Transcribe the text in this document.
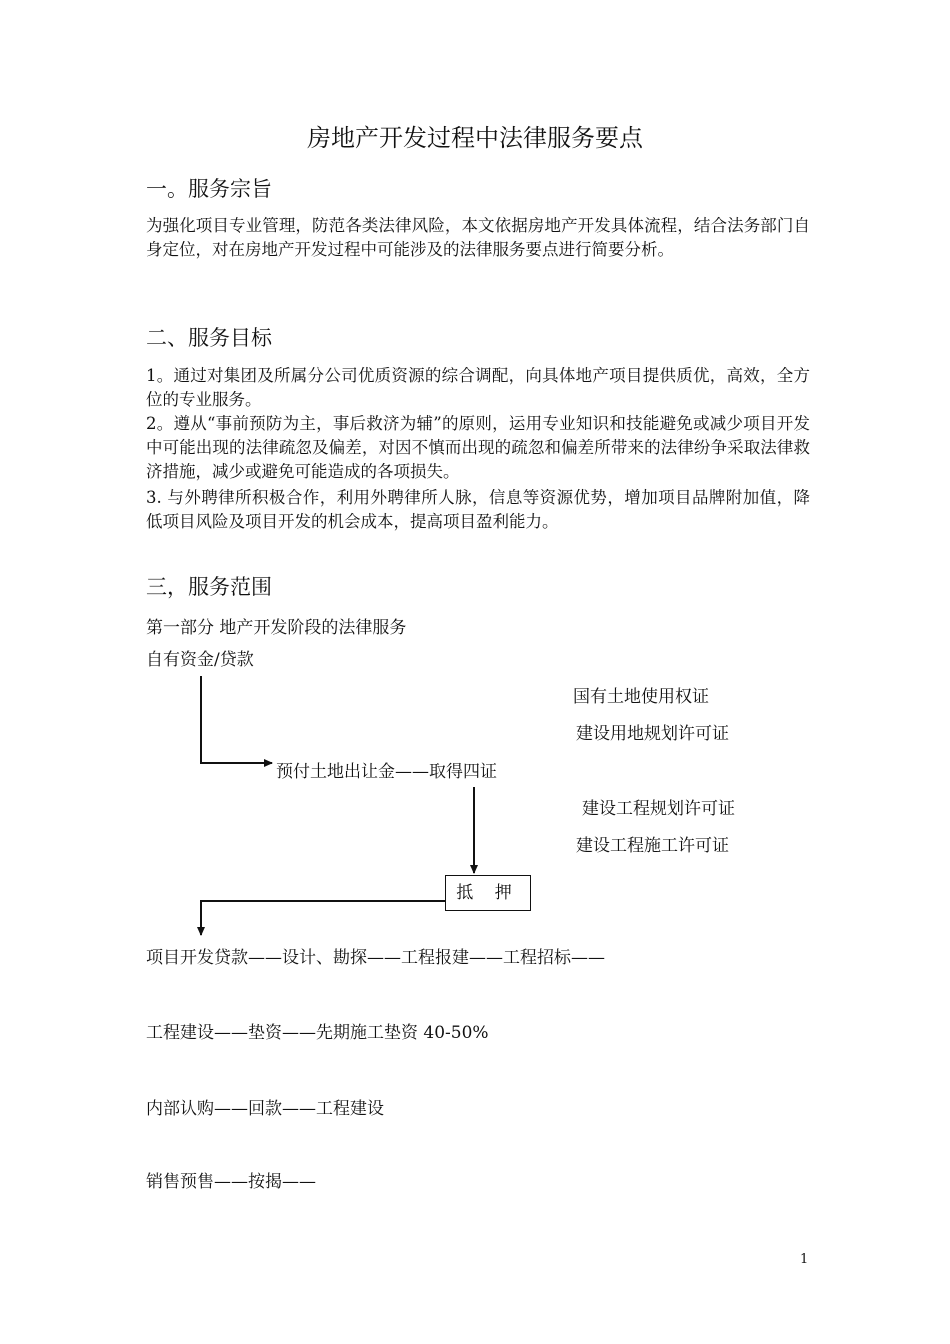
房地产开发过程中法律服务要点
一。服务宗旨
为强化项目专业管理，防范各类法律风险，本文依据房地产开发具体流程，结合法务部门自身定位，对在房地产开发过程中可能涉及的法律服务要点进行简要分析。
二、服务目标
1。通过对集团及所属分公司优质资源的综合调配，向具体地产项目提供质优，高效，全方位的专业服务。
2。遵从“事前预防为主，事后救济为辅”的原则，运用专业知识和技能避免或减少项目开发中可能出现的法律疏忽及偏差，对因不慎而出现的疏忽和偏差所带来的法律纷争采取法律救济措施，减少或避免可能造成的各项损失。
3. 与外聘律所积极合作，利用外聘律所人脉，信息等资源优势，增加项目品牌附加值，降低项目风险及项目开发的机会成本，提高项目盈利能力。
三，服务范围
第一部分 地产开发阶段的法律服务
自有资金/贷款
国有土地使用权证
建设用地规划许可证
预付土地出让金——取得四证
建设工程规划许可证
建设工程施工许可证
抵 押
项目开发贷款——设计、勘探——工程报建——工程招标——
工程建设——垫资——先期施工垫资 40-50%
内部认购——回款——工程建设
销售预售——按揭——
1
